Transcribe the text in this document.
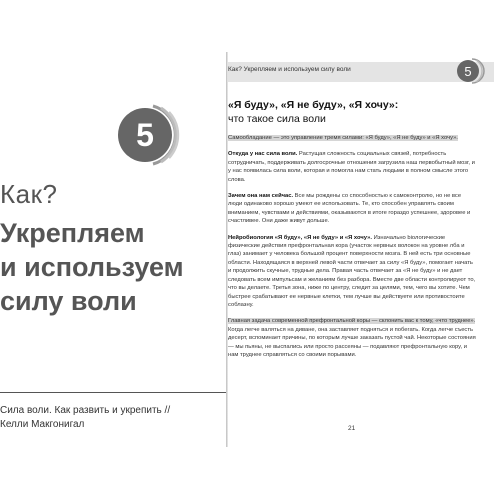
5
Как?
Укрепляем
и используем
силу воли
Сила воли. Как развить и укрепить //
Келли Макгонигал
Как? Укрепляем и используем силу воли	5
«Я буду», «Я не буду», «Я хочу»:
что такое сила воли

Самообладание — это управление тремя силами: «Я буду», «Я не буду» и «Я хочу».

Откуда у нас сила воли. Растущая сложность социальных связей, потребность сотрудничать, поддерживать долгосрочные отношения загрузила наш первобытный мозг, и у нас появилась сила воли, которая и помогла нам стать людьми в полном смысле этого слова.

Зачем она нам сейчас. Все мы рождены со способностью к самоконтролю, но не все люди одинаково хорошо умеют ее использовать. Те, кто способен управлять своим вниманием, чувствами и действиями, оказываются в итоге гораздо успешнее, здоровее и счастливее. Они даже живут дольше.

Нейробиология «Я буду», «Я не буду» и «Я хочу». Изначально biологические физические действия префронтальная кора (участок нервных волокон на уровне лба и глаз) занимает у человека большой процент поверхности мозга. В ней есть три основные области. Находящаяся в верхней левой части отвечает за силу «Я буду», помогает начать и продолжить скучные, трудные дела. Правая часть отвечает за «Я не буду» и не дает следовать всем импульсам и желаниям без разбора. Вместе две области контролируют то, что вы делаете. Третья зона, ниже по центру, следит за целями, тем, чего вы хотите. Чем быстрее срабатывают ее нервные клетки, тем лучше вы действуете или противостоите соблазну.

Главная задача современной префронтальной коры — склонить вас к тому, «что труднее». Когда легче валяться на диване, она заставляет подняться и побегать. Когда легче съесть десерт, вспоминает причины, по которым лучше заказать пустой чай. Некоторые состояния — мы пьяны, не выспались или просто рассеяны — подавляют префронтальную кору, и нам труднее справляться со своими порывами.

21
